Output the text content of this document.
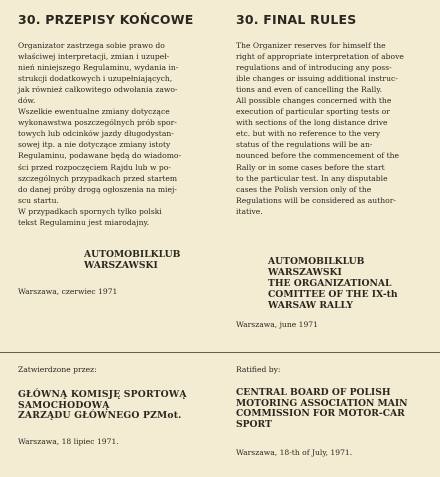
30. PRZEPISY KOŃCOWE
Organizator zastrzega sobie prawo do
właściwej interpretacji, zmian i uzupeł-
nień niniejszego Regulaminu, wydania in-
strukcji dodatkowych i uzupełniających,
jak również całkowitego odwołania zawo-
dów.
Wszelkie ewentualne zmiany dotyczące
wykonawstwa poszczególnych prób spor-
towych lub odcinków jazdy długodystan-
sowej itp. a nie dotyczące zmiany istoty
Regulaminu, podawane będą do wiadomo-
ści przed rozpoczęciem Rajdu lub w po-
szczególnych przypadkach przed startem
do danej próby drogą ogłoszenia na miej-
scu startu.
W przypadkach spornych tylko polski
tekst Regulaminu jest miarodajny.
Warszawa, czerwiec 1971
Zatwierdzone przez:
GŁÓWNĄ KOMISJĘ SPORTOWĄ
SAMOCHODOWĄ
ZARZĄDU GŁÓWNEGO PZMot.
Warszawa, 18 lipiec 1971.
AUTOMOBILKLUB
WARSZAWSKI
30. FINAL RULES
The Organizer reserves for himself the
right of appropriate interpretation of above
regulations and of introducing any poss-
ible changes or issuing additional instruc-
tions and even of cancelling the Rally.
All possible changes concerned with the
execution of particular sporting tests or
with sections of the long distance drive
etc. but with no reference to the very
status of the regulations will be an-
nounced before the commencement of the
Rally or in some cases before the start
to the particular test. In any disputable
cases the Polish version only of the
Regulations will be considered as author-
itative.
Warszawa, june 1971
Ratified by:
CENTRAL BOARD OF POLISH
MOTORING ASSOCIATION MAIN
COMMISSION FOR MOTOR-CAR
SPORT
Warszawa, 18-th of July, 1971.
AUTOMOBILKLUB
WARSZAWSKI
THE ORGANIZATIONAL
COMITTEE OF THE IX-th
WARSAW RALLY
